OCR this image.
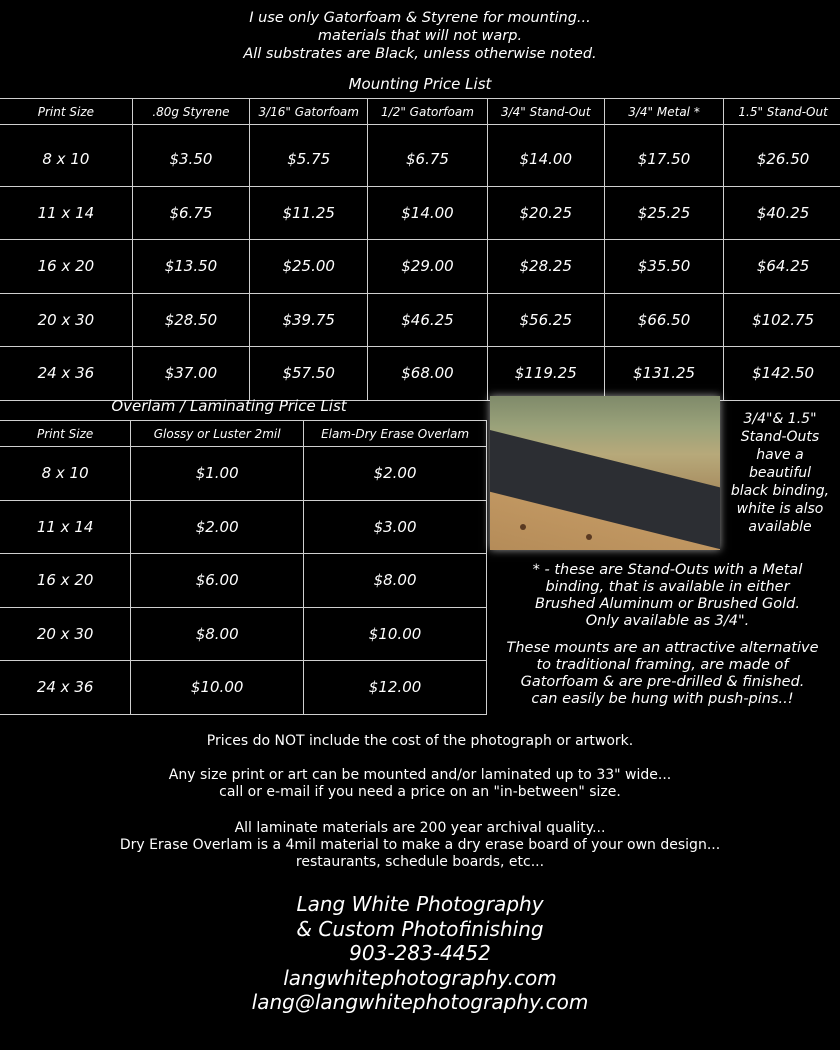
I use only Gatorfoam & Styrene for mounting...
materials that will not warp.
All substrates are Black, unless otherwise noted.
Mounting Price List
Print Size	.80g Styrene	3/16" Gatorfoam	1/2" Gatorfoam	3/4" Stand-Out	3/4" Metal *	1.5" Stand-Out
8 x 10	$3.50	$5.75	$6.75	$14.00	$17.50	$26.50
11 x 14	$6.75	$11.25	$14.00	$20.25	$25.25	$40.25
16 x 20	$13.50	$25.00	$29.00	$28.25	$35.50	$64.25
20 x 30	$28.50	$39.75	$46.25	$56.25	$66.50	$102.75
24 x 36	$37.00	$57.50	$68.00	$119.25	$131.25	$142.50
Overlam / Laminating Price List
Print Size	Glossy or Luster 2mil	Elam-Dry Erase Overlam
8 x 10	$1.00	$2.00
11 x 14	$2.00	$3.00
16 x 20	$6.00	$8.00
20 x 30	$8.00	$10.00
24 x 36	$10.00	$12.00
3/4"& 1.5"
Stand-Outs
have a
beautiful
black binding,
white is also
available
* - these are Stand-Outs with a Metal
binding, that is available in either
Brushed Aluminum or Brushed Gold.
Only available as 3/4".
These mounts are an attractive alternative
to traditional framing, are made of
Gatorfoam & are pre-drilled & finished.
can easily be hung with push-pins..!
Prices do NOT include the cost of the photograph or artwork.
Any size print or art can be mounted and/or laminated up to 33" wide...
call or e-mail if you need a price on an "in-between" size.
All laminate materials are 200 year archival quality...
Dry Erase Overlam is a 4mil material to make a dry erase board of your own design...
restaurants, schedule boards, etc...
Lang White Photography
& Custom Photofinishing
903-283-4452
langwhitephotography.com
lang@langwhitephotography.com
